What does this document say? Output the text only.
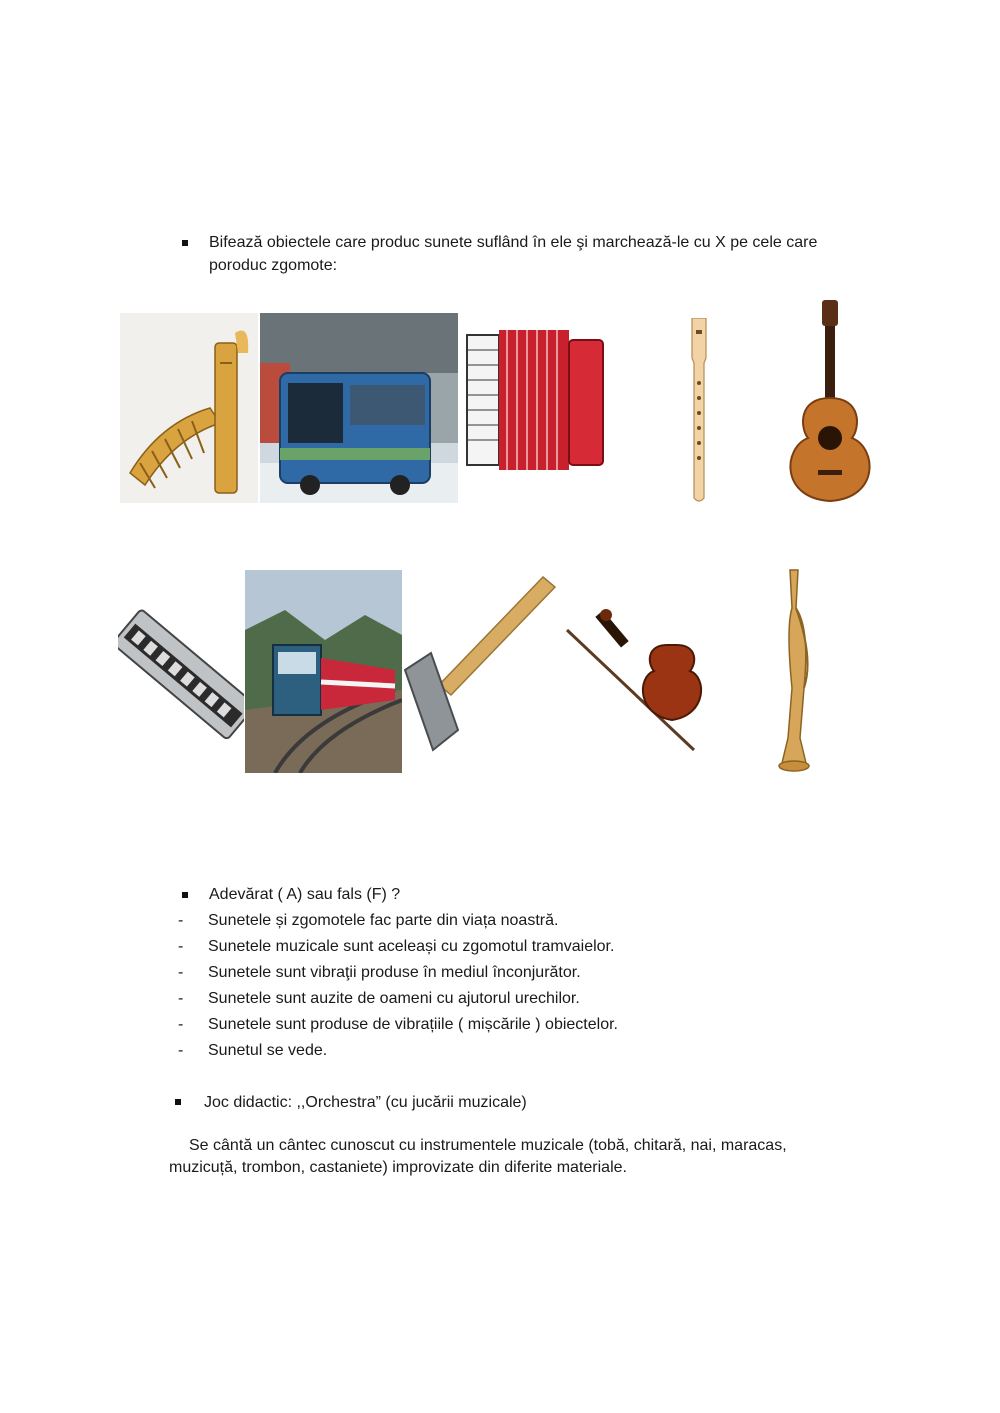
Bifează obiectele care produc sunete suflând în ele şi marchează-le cu X pe cele care
poroduc zgomote:
Adevărat ( A) sau fals (F) ?
- Sunetele și zgomotele fac parte din viața noastră.
- Sunetele muzicale sunt aceleași cu zgomotul tramvaielor.
- Sunetele sunt vibraţii produse în mediul înconjurător.
- Sunetele sunt auzite de oameni cu ajutorul urechilor.
- Sunetele sunt produse de vibrațiile ( mișcările ) obiectelor.
- Sunetul se vede.
Joc didactic: ,,Orchestra” (cu jucării muzicale)
Se cântă un cântec cunoscut cu instrumentele muzicale (tobă, chitară, nai, maracas,
muzicuță, trombon, castaniete) improvizate din diferite materiale.
